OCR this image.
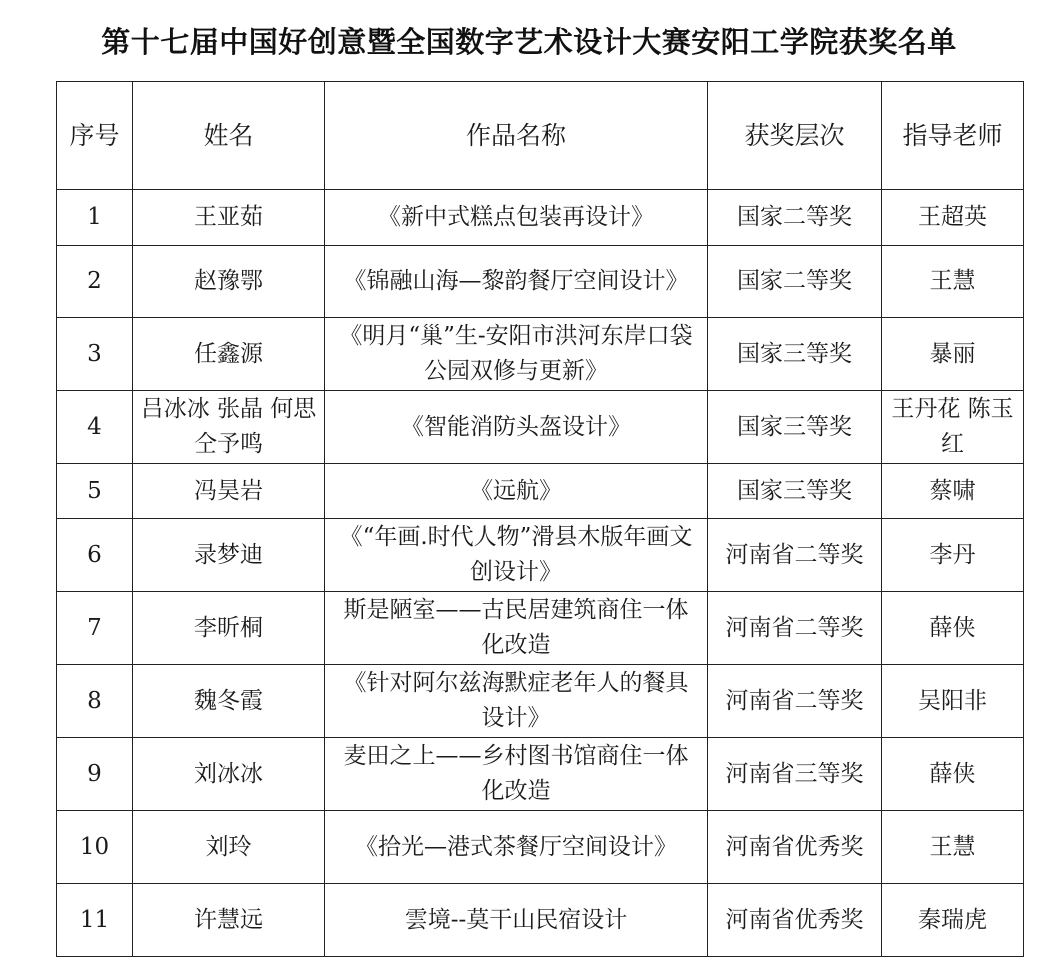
第十七届中国好创意暨全国数字艺术设计大赛安阳工学院获奖名单
序号	姓名	作品名称	获奖层次	指导老师
1	王亚茹	《新中式糕点包装再设计》	国家二等奖	王超英
2	赵豫鄂	《锦融山海—黎韵餐厅空间设计》	国家二等奖	王慧
3	任鑫源	《明月“巢”生-安阳市洪河东岸口袋公园双修与更新》	国家三等奖	暴丽
4	吕冰冰 张晶 何思 仝予鸣	《智能消防头盔设计》	国家三等奖	王丹花 陈玉红
5	冯昊岩	《远航》	国家三等奖	蔡啸
6	录梦迪	《“年画.时代人物”滑县木版年画文创设计》	河南省二等奖	李丹
7	李昕桐	斯是陋室——古民居建筑商住一体化改造	河南省二等奖	薛侠
8	魏冬霞	《针对阿尔兹海默症老年人的餐具设计》	河南省二等奖	吴阳非
9	刘冰冰	麦田之上——乡村图书馆商住一体化改造	河南省三等奖	薛侠
10	刘玲	《拾光—港式茶餐厅空间设计》	河南省优秀奖	王慧
11	许慧远	雲境--莫干山民宿设计	河南省优秀奖	秦瑞虎
